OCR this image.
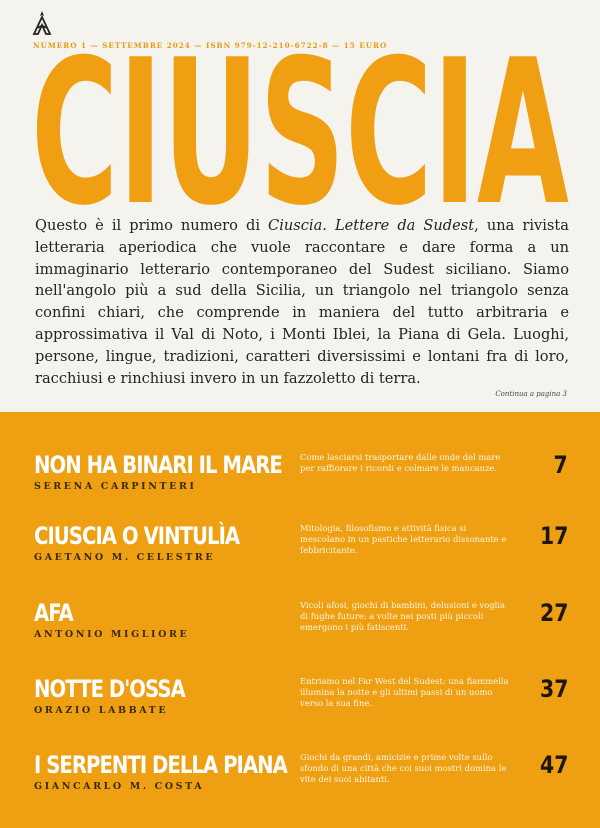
NUMERO 1 — SETTEMBRE 2024 — ISBN 979-12-210-6722-8 — 15 EURO
CIUSCIA

Questo è il primo numero di Ciuscia. Lettere da Sudest, una rivista letteraria aperiodica che vuole raccontare e dare forma a un immaginario letterario contemporaneo del Sudest siciliano. Siamo nell'angolo più a sud della Sicilia, un triangolo nel triangolo senza confini chiari, che comprende in maniera del tutto arbitraria e approssimativa il Val di Noto, i Monti Iblei, la Piana di Gela. Luoghi, persone, lingue, tradizioni, caratteri diversissimi e lontani fra di loro, racchiusi e rinchiusi invero in un fazzoletto di terra.

Continua a pagina 3
NON HA BINARI IL MARE
SERENA CARPINTERI
Come lasciarsi trasportare dalle onde del mare per raffiorare i ricordi e colmare le mancanze.	7
CIUSCIA O VINTULÌA
GAETANO M. CELESTRE
Mitologia, filosofismo e attività fisica si mescolano in un pastiche letterario dissonante e febbricitante.	17
AFA
ANTONIO MIGLIORE
Vicoli afosi, giochi di bambini, delusioni e voglia di fughe future: a volte nei posti più piccoli emergono i più fatiscenti.	27
NOTTE D'OSSA
ORAZIO LABBATE
Entriamo nel Far West del Sudest: una fiammella illumina la notte e gli ultimi passi di un uomo verso la sua fine.	37
I SERPENTI DELLA PIANA
GIANCARLO M. COSTA
Giochi da grandi, amicizie e prime volte sullo sfondo di una città che coi suoi mostri domina le vite dei suoi abitanti.	47
